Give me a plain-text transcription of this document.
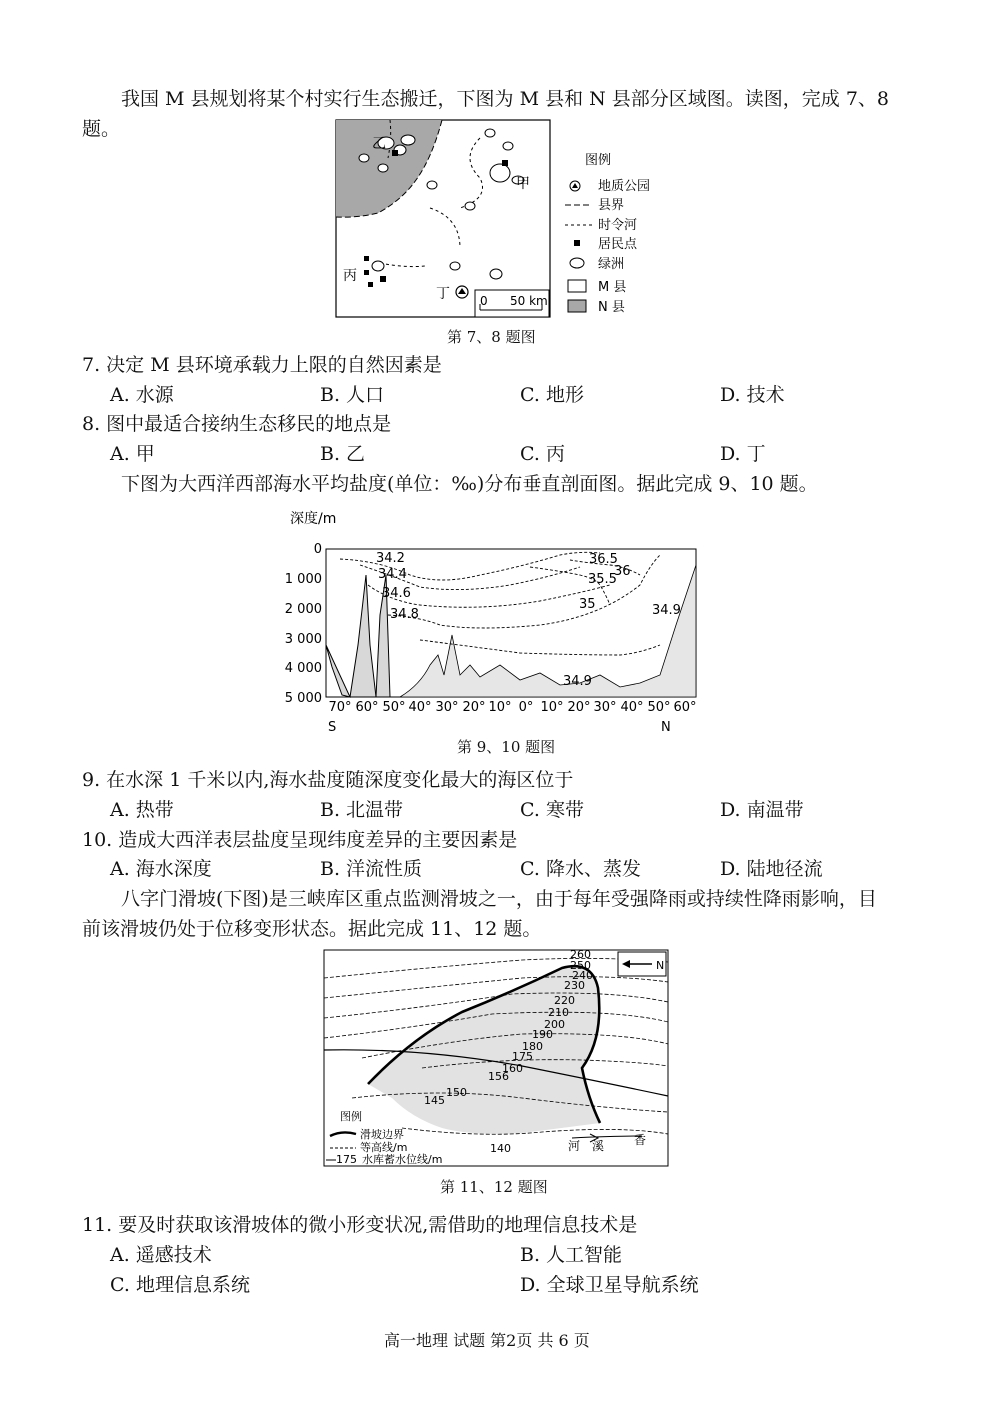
我国 M 县规划将某个村实行生态搬迁，下图为 M 县和 N 县部分区域图。读图，完成 7、8
题。
乙
甲
丙
丁	0 50 km
图例
地质公园
县界
时令河
居民点
绿洲
M 县
N 县
第 7、8 题图
7. 决定 M 县环境承载力上限的自然因素是
A. 水源	B. 人口	C. 地形	D. 技术
8. 图中最适合接纳生态移民的地点是
A. 甲	B. 乙	C. 丙	D. 丁
下图为大西洋西部海水平均盐度(单位：‰)分布垂直剖面图。据此完成 9、10 题。
深度/m
34.2
34.4
34.6
34.8
36.5
36
35.5
35	34.9
34.9
0
1 000
2 000
3 000
4 000
5 000
70° 60° 50° 40° 30° 20° 10° 0° 10° 20° 30° 40° 50° 60°
S	N
第 9、10 题图
9. 在水深 1 千米以内,海水盐度随深度变化最大的海区位于
A. 热带	B. 北温带	C. 寒带	D. 南温带
10. 造成大西洋表层盐度呈现纬度差异的主要因素是
A. 海水深度	B. 洋流性质	C. 降水、蒸发	D. 陆地径流
八字门滑坡(下图)是三峡库区重点监测滑坡之一，由于每年受强降雨或持续性降雨影响，目
前该滑坡仍处于位移变形状态。据此完成 11、12 题。
N
260
250
240
230
220
210
200
190
180
175
160
156
150
145
140	河 溪 香
图例
滑坡边界
等高线/m
175 水库蓄水位线/m
第 11、12 题图
11. 要及时获取该滑坡体的微小形变状况,需借助的地理信息技术是
A. 遥感技术	B. 人工智能
C. 地理信息系统	D. 全球卫星导航系统
高一地理 试题 第2页 共 6 页
